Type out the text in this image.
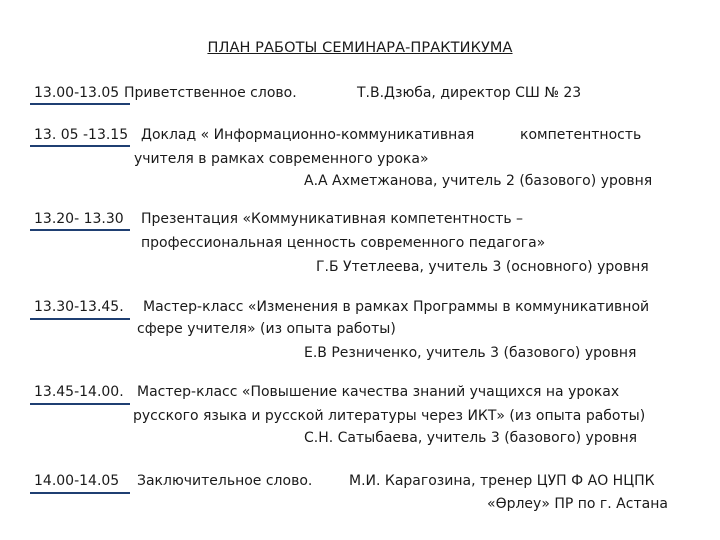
ПЛАН РАБОТЫ СЕМИНАРА-ПРАКТИКУМА
13.00-13.05 Приветственное слово.	Т.В.Дзюба, директор СШ № 23
13. 05 -13.15 Доклад « Информационно-коммуникативная	компетентность
учителя в рамках современного урока»
А.А Ахметжанова, учитель 2 (базового) уровня
13.20- 13.30 Презентация «Коммуникативная компетентность –
профессиональная ценность современного педагога»
Г.Б Утетлеева, учитель 3 (основного) уровня
13.30-13.45. Мастер-класс «Изменения в рамках Программы в коммуникативной
сфере учителя» (из опыта работы)
Е.В Резниченко, учитель 3 (базового) уровня
13.45-14.00. Мастер-класс «Повышение качества знаний учащихся на уроках
русского языка и русской литературы через ИКТ» (из опыта работы)
С.Н. Сатыбаева, учитель 3 (базового) уровня
14.00-14.05 Заключительное слово.	М.И. Карагозина, тренер ЦУП Ф АО НЦПК
«Өрлеу» ПР по г. Астана
